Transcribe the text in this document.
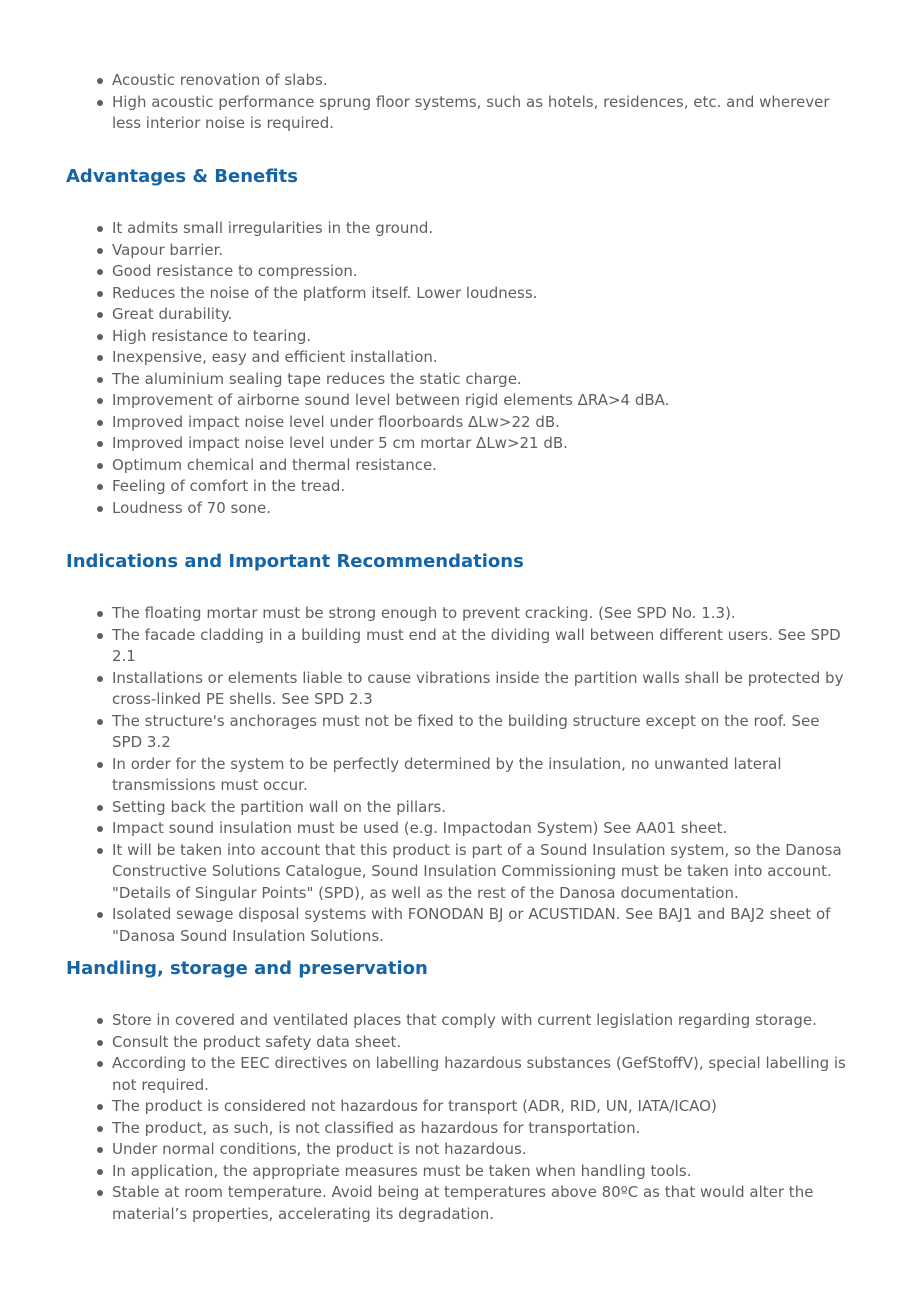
Acoustic renovation of slabs.
High acoustic performance sprung floor systems, such as hotels, residences, etc. and wherever less interior noise is required.
Advantages & Benefits
It admits small irregularities in the ground.
Vapour barrier.
Good resistance to compression.
Reduces the noise of the platform itself. Lower loudness.
Great durability.
High resistance to tearing.
Inexpensive, easy and efficient installation.
The aluminium sealing tape reduces the static charge.
Improvement of airborne sound level between rigid elements ΔRA>4 dBA.
Improved impact noise level under floorboards ΔLw>22 dB.
Improved impact noise level under 5 cm mortar ΔLw>21 dB.
Optimum chemical and thermal resistance.
Feeling of comfort in the tread.
Loudness of 70 sone.
Indications and Important Recommendations
The floating mortar must be strong enough to prevent cracking. (See SPD No. 1.3).
The facade cladding in a building must end at the dividing wall between different users. See SPD 2.1
Installations or elements liable to cause vibrations inside the partition walls shall be protected by cross-linked PE shells. See SPD 2.3
The structure's anchorages must not be fixed to the building structure except on the roof. See SPD 3.2
In order for the system to be perfectly determined by the insulation, no unwanted lateral transmissions must occur.
Setting back the partition wall on the pillars.
Impact sound insulation must be used (e.g. Impactodan System) See AA01 sheet.
It will be taken into account that this product is part of a Sound Insulation system, so the Danosa Constructive Solutions Catalogue, Sound Insulation Commissioning must be taken into account. "Details of Singular Points" (SPD), as well as the rest of the Danosa documentation.
Isolated sewage disposal systems with FONODAN BJ or ACUSTIDAN. See BAJ1 and BAJ2 sheet of "Danosa Sound Insulation Solutions.
Handling, storage and preservation
Store in covered and ventilated places that comply with current legislation regarding storage.
Consult the product safety data sheet.
According to the EEC directives on labelling hazardous substances (GefStoffV), special labelling is not required.
The product is considered not hazardous for transport (ADR, RID, UN, IATA/ICAO)
The product, as such, is not classified as hazardous for transportation.
Under normal conditions, the product is not hazardous.
In application, the appropriate measures must be taken when handling tools.
Stable at room temperature. Avoid being at temperatures above 80ºC as that would alter the material’s properties, accelerating its degradation.
